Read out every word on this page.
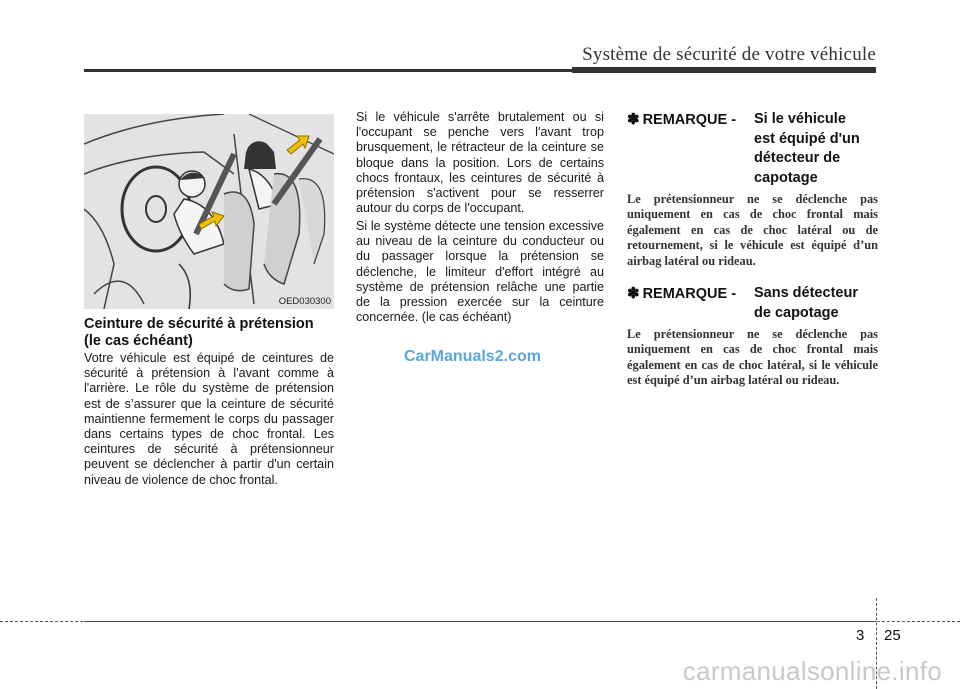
Système de sécurité de votre véhicule
OED030300
Ceinture de sécurité à prétension (le cas échéant)

Votre véhicule est équipé de ceintures de sécurité à prétension à l'avant comme à l'arrière. Le rôle du système de prétension est de s’assurer que la ceinture de sécurité maintienne fermement le corps du passager dans certains types de choc frontal. Les ceintures de sécurité à prétensionneur peuvent se déclencher à partir d'un certain niveau de violence de choc frontal.

Si le véhicule s'arrête brutalement ou si l'occupant se penche vers l'avant trop brusquement, le rétracteur de la ceinture se bloque dans la position. Lors de certains chocs frontaux, les ceintures de sécurité à prétension s'activent pour se resserrer autour du corps de l'occupant.

Si le système détecte une tension excessive au niveau de la ceinture du conducteur ou du passager lorsque la prétension se déclenche, le limiteur d'effort intégré au système de prétension relâche une partie de la pression exercée sur la ceinture concernée. (le cas échéant)

CarManuals2.com
✽ REMARQUE - Si le véhicule
est équipé d'un
détecteur de
capotage

Le prétensionneur ne se déclenche pas uniquement en cas de choc frontal mais également en cas de choc latéral ou de retournement, si le véhicule est équipé d’un airbag latéral ou rideau.

✽ REMARQUE - Sans détecteur
de capotage

Le prétensionneur ne se déclenche pas uniquement en cas de choc frontal mais également en cas de choc latéral, si le véhicule est équipé d’un airbag latéral ou rideau.

3 25
carmanualsonline.info
